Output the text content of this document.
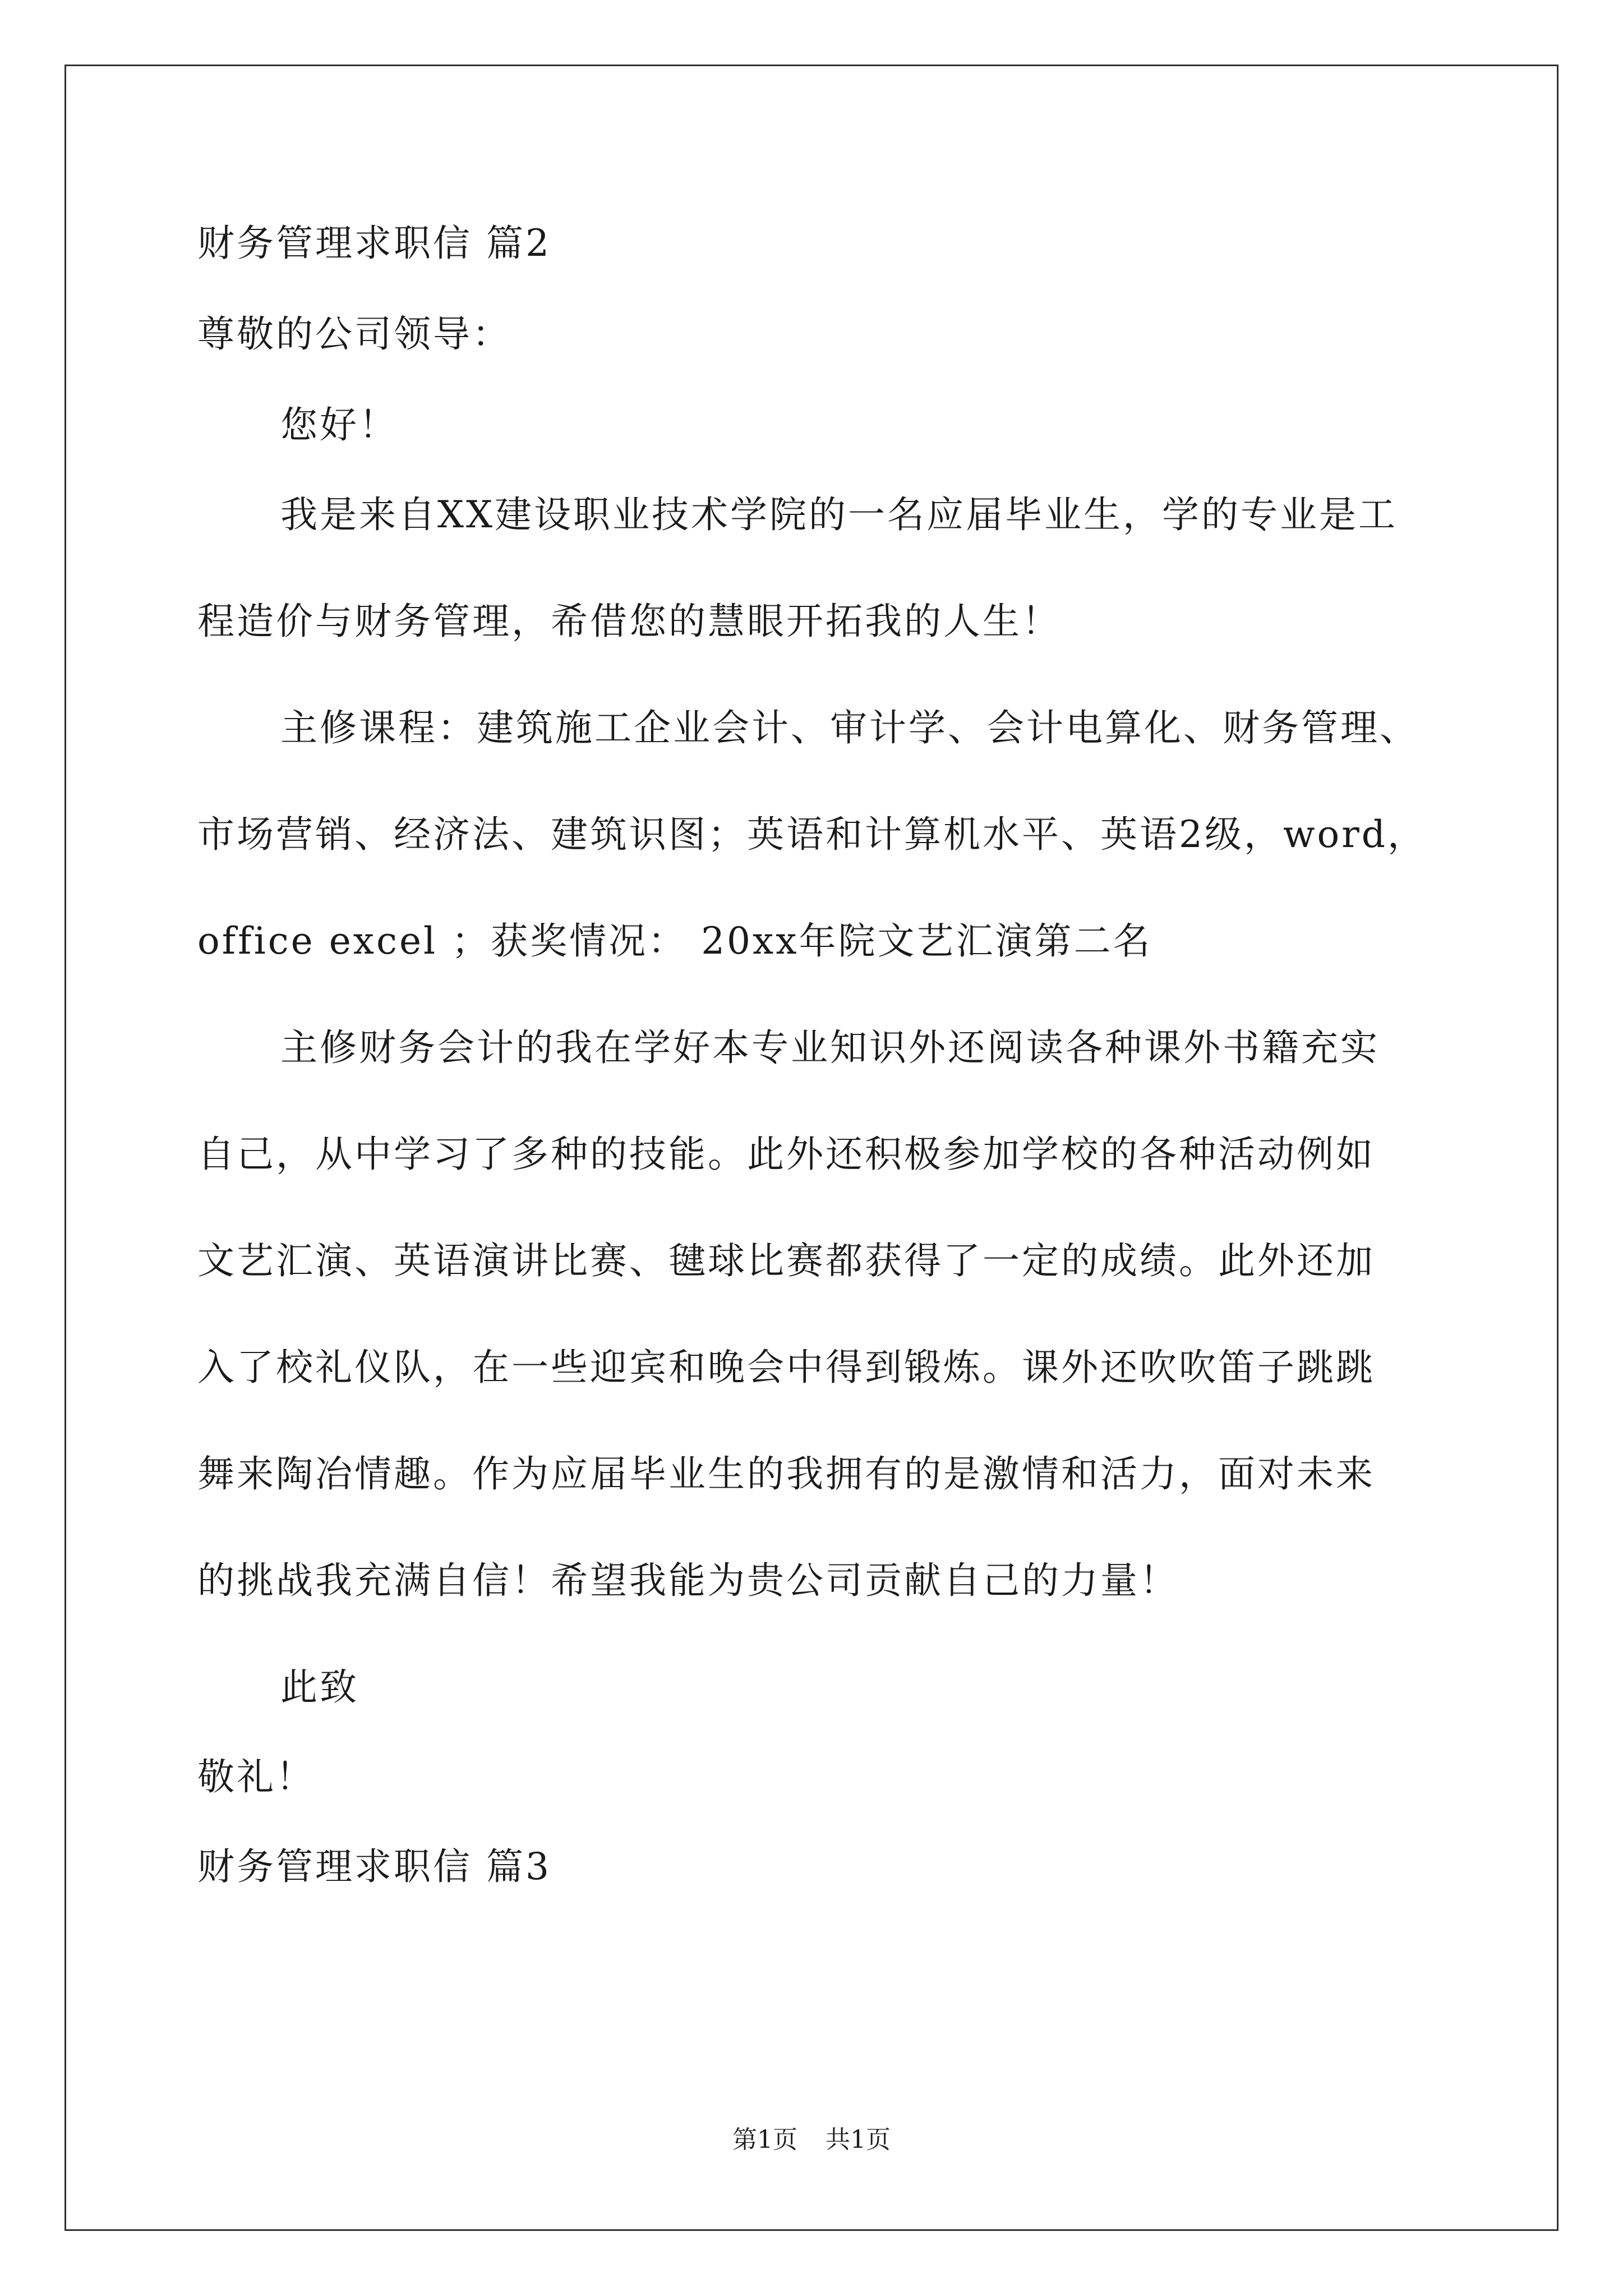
财务管理求职信 篇2
尊敬的公司领导：
您好！
我是来自XX建设职业技术学院的一名应届毕业生，学的专业是工
程造价与财务管理，希借您的慧眼开拓我的人生！
主修课程：建筑施工企业会计、审计学、会计电算化、财务管理、
市场营销、经济法、建筑识图；英语和计算机水平、英语2级，word，
office excel ；获奖情况： 20xx年院文艺汇演第二名
主修财务会计的我在学好本专业知识外还阅读各种课外书籍充实
自己，从中学习了多种的技能。此外还积极参加学校的各种活动例如
文艺汇演、英语演讲比赛、毽球比赛都获得了一定的成绩。此外还加
入了校礼仪队，在一些迎宾和晚会中得到锻炼。课外还吹吹笛子跳跳
舞来陶冶情趣。作为应届毕业生的我拥有的是激情和活力，面对未来
的挑战我充满自信！希望我能为贵公司贡献自己的力量！
此致
敬礼！
财务管理求职信 篇3
第1页 共1页
